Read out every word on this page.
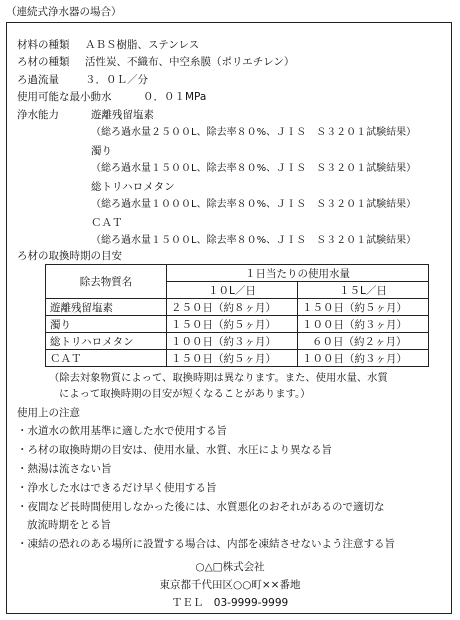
（連続式浄水器の場合）
材料の種類 ＡＢＳ樹脂、ステンレス
ろ材の種類 活性炭、不織布、中空糸膜（ポリエチレン）
ろ過流量 ３．０Ｌ／分
使用可能な最小動水	０．０１MPa
浄水能力	遊離残留塩素
（総ろ過水量２５００L、除去率８０%、ＪＩＳ　Ｓ３２０１試験結果）
濁り
（総ろ過水量１５００L、除去率８０%、ＪＩＳ　Ｓ３２０１試験結果）
総トリハロメタン
（総ろ過水量１０００L、除去率８０%、ＪＩＳ　Ｓ３２０１試験結果）
ＣＡＴ
（総ろ過水量１５００L、除去率８０%、ＪＩＳ　Ｓ３２０１試験結果）
ろ材の取換時期の目安
除去物質名	１日当たりの使用水量	
	１０L／日	１５L／日
遊離残留塩素	２５０日（約８ヶ月）	１５０日（約５ヶ月）
濁り	１５０日（約５ヶ月）	１００日（約３ヶ月）
総トリハロメタン	１００日（約３ヶ月）	６０日（約２ヶ月）
ＣＡＴ	１５０日（約５ヶ月）	１００日（約３ヶ月）
（除去対象物質によって、取換時期は異なります。また、使用水量、水質
によって取換時期の目安が短くなることがあります。）
使用上の注意
・水道水の飲用基準に適した水で使用する旨
・ろ材の取換時期の目安は、使用水量、水質、水圧により異なる旨
・熱湯は流さない旨
・浄水した水はできるだけ早く使用する旨
・夜間など長時間使用しなかった後には、水質悪化のおそれがあるので適切な
放流時期をとる旨
・凍結の恐れのある場所に設置する場合は、内部を凍結させないよう注意する旨
○△□株式会社
東京都千代田区○○町××番地
ＴＥＬ　03-9999-9999
